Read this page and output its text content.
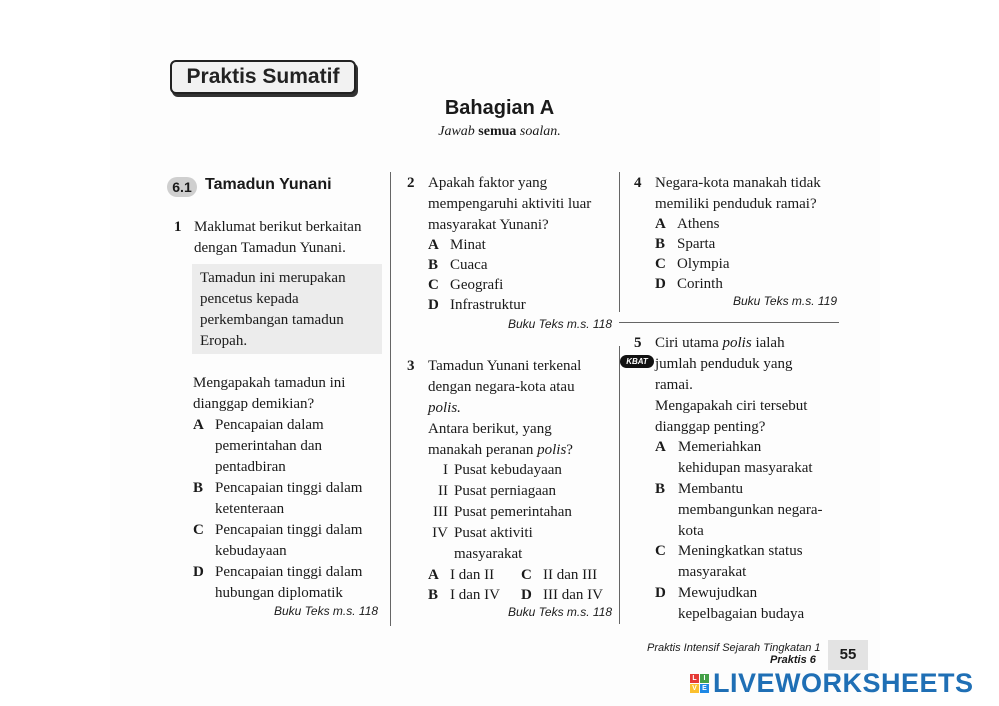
Praktis Sumatif
Bahagian A
Jawab semua soalan.
6.1 Tamadun Yunani
1 Maklumat berikut berkaitan
dengan Tamadun Yunani.
Tamadun ini merupakan
pencetus kepada
perkembangan tamadun
Eropah.
Mengapakah tamadun ini
dianggap demikian?
A Pencapaian dalam
pemerintahan dan
pentadbiran
B Pencapaian tinggi dalam
ketenteraan
C Pencapaian tinggi dalam
kebudayaan
D Pencapaian tinggi dalam
hubungan diplomatik
Buku Teks m.s. 118
2 Apakah faktor yang
mempengaruhi aktiviti luar
masyarakat Yunani?
A Minat
B Cuaca
C Geografi
D Infrastruktur
Buku Teks m.s. 118
3 Tamadun Yunani terkenal
dengan negara-kota atau
polis.
Antara berikut, yang
manakah peranan polis?
I Pusat kebudayaan
II Pusat perniagaan
III Pusat pemerintahan
IV Pusat aktiviti
masyarakat
A I dan II C II dan III
B I dan IV D III dan IV
Buku Teks m.s. 118
4 Negara-kota manakah tidak
memiliki penduduk ramai?
A Athens
B Sparta
C Olympia
D Corinth
Buku Teks m.s. 119
5 Ciri utama polis ialah
KBAT jumlah penduduk yang
ramai.
Mengapakah ciri tersebut
dianggap penting?
A Memeriahkan
kehidupan masyarakat
B Membantu
membangunkan negara-
kota
C Meningkatkan status
masyarakat
D Mewujudkan
kepelbagaian budaya
Praktis Intensif Sejarah Tingkatan 1
Praktis 6	55
L I
V E LIVEWORKSHEETS
